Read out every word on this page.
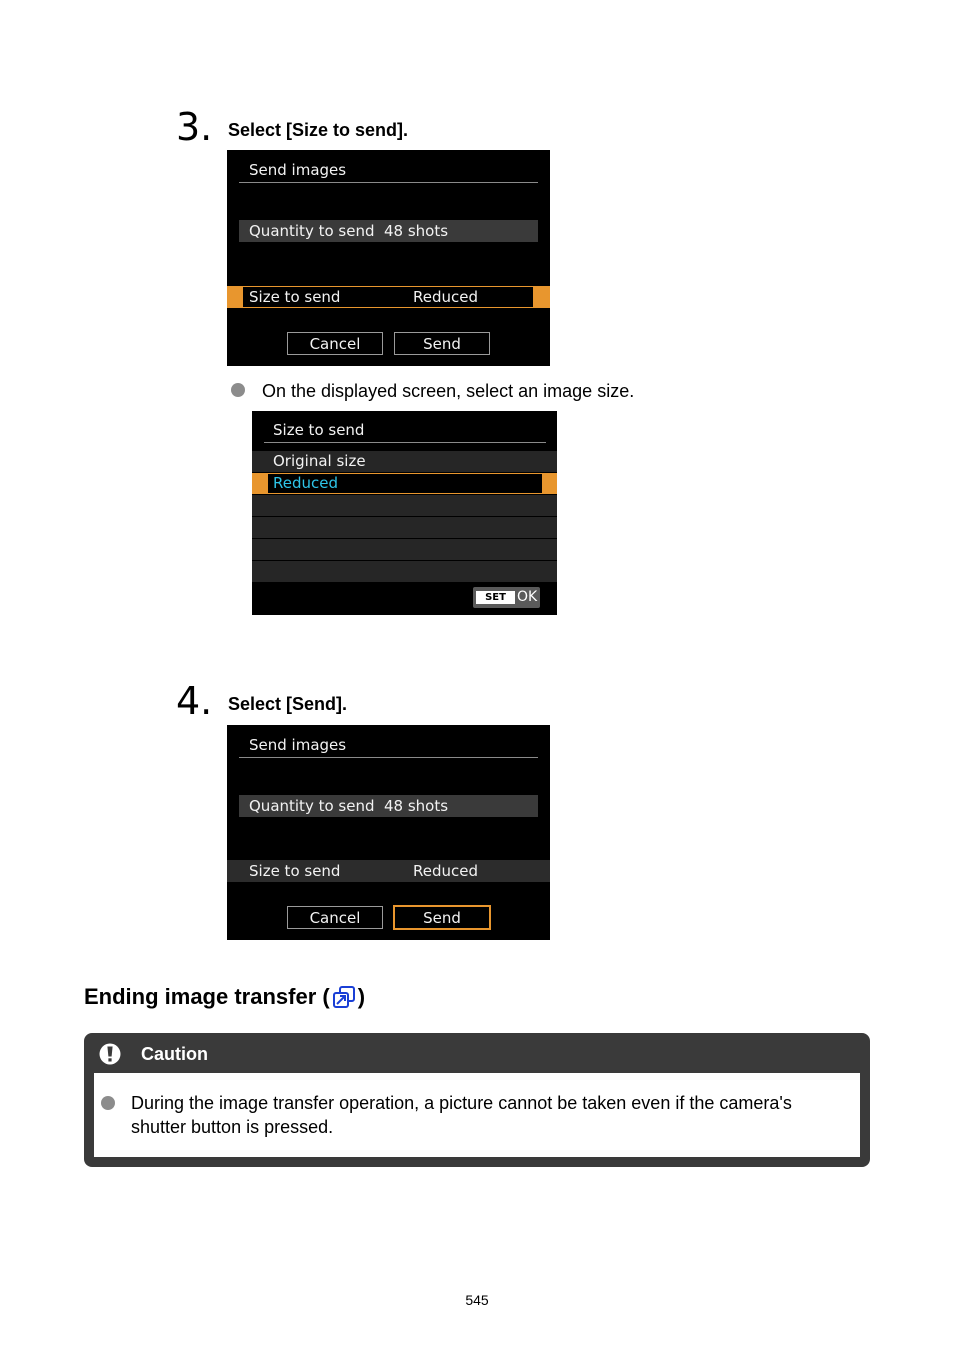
3. Select [Size to send].
Send images
Quantity to send 48 shots
Size to send	Reduced
Cancel	Send
On the displayed screen, select an image size.
Size to send
Original size
Reduced
SET OK
4. Select [Send].
Send images
Quantity to send 48 shots
Size to send	Reduced
Cancel	Send
Ending image transfer ( )
Caution
During the image transfer operation, a picture cannot be taken even if the camera's
shutter button is pressed.
545
